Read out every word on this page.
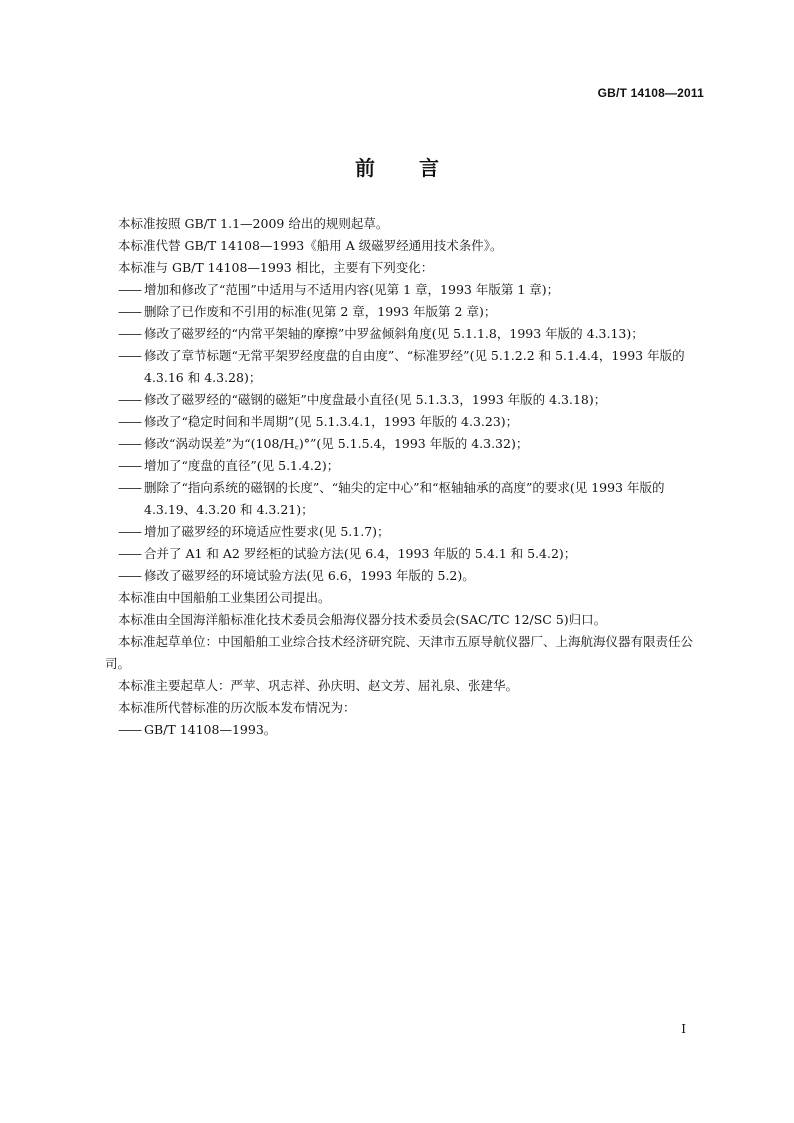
GB/T 14108—2011
前言

本标准按照 GB/T 1.1—2009 给出的规则起草。

本标准代替 GB/T 14108—1993《船用 A 级磁罗经通用技术条件》。

本标准与 GB/T 14108—1993 相比，主要有下列变化：

—— 增加和修改了“范围”中适用与不适用内容(见第 1 章，1993 年版第 1 章)；

—— 删除了已作废和不引用的标准(见第 2 章，1993 年版第 2 章)；

—— 修改了磁罗经的“内常平架轴的摩擦”中罗盆倾斜角度(见 5.1.1.8，1993 年版的 4.3.13)；

—— 修改了章节标题“无常平架罗经度盘的自由度”、“标准罗经”(见 5.1.2.2 和 5.1.4.4，1993 年版的 4.3.16 和 4.3.28)；

—— 修改了磁罗经的“磁钢的磁矩”中度盘最小直径(见 5.1.3.3，1993 年版的 4.3.18)；

—— 修改了“稳定时间和半周期”(见 5.1.3.4.1，1993 年版的 4.3.23)；

—— 修改“涡动误差”为“(108/H꜀)°”(见 5.1.5.4，1993 年版的 4.3.32)；

—— 增加了“度盘的直径”(见 5.1.4.2)；

—— 删除了“指向系统的磁钢的长度”、“轴尖的定中心”和“枢轴轴承的高度”的要求(见 1993 年版的 4.3.19、4.3.20 和 4.3.21)；

—— 增加了磁罗经的环境适应性要求(见 5.1.7)；

—— 合并了 A1 和 A2 罗经柜的试验方法(见 6.4，1993 年版的 5.4.1 和 5.4.2)；

—— 修改了磁罗经的环境试验方法(见 6.6，1993 年版的 5.2)。

本标准由中国船舶工业集团公司提出。

本标准由全国海洋船标准化技术委员会船海仪器分技术委员会(SAC/TC 12/SC 5)归口。

本标准起草单位：中国船舶工业综合技术经济研究院、天津市五原导航仪器厂、上海航海仪器有限责任公司。

本标准主要起草人：严苹、巩志祥、孙庆明、赵文芳、屈礼泉、张建华。

本标准所代替标准的历次版本发布情况为：

—— GB/T 14108—1993。

I
